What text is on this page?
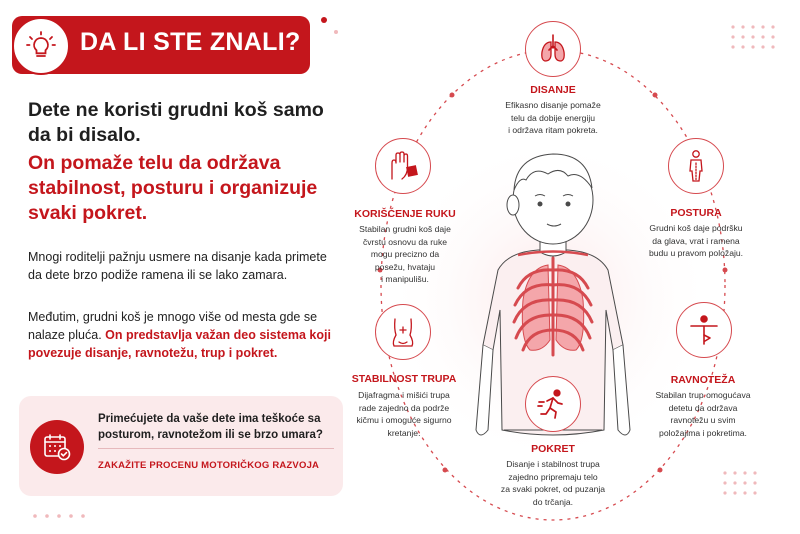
DA LI STE ZNALI?
Dete ne koristi grudni koš samo da bi disalo.
On pomaže telu da održava stabilnost, posturu i organizuje svaki pokret.
Mnogi roditelji pažnju usmere na disanje kada primete da dete brzo podiže ramena ili se lako zamara.
Međutim, grudni koš je mnogo više od mesta gde se nalaze pluća. On predstavlja važan deo sistema koji povezuje disanje, ravnotežu, trup i pokret.
Primećujete da vaše dete ima teškoće sa posturom, ravnotežom ili se brzo umara?
ZAKAŽITE PROCENU MOTORIČKOG RAZVOJA
DISANJE
Efikasno disanje pomaže
telu da dobije energiju
i održava ritam pokreta.
POSTURA
Grudni koš daje podršku
da glava, vrat i ramena
budu u pravom položaju.
RAVNOTEŽA
Stabilan trup omogućava
detetu da održava
ravnotežu u svim
položajima i pokretima.
POKRET
Disanje i stabilnost trupa
zajedno pripremaju telo
za svaki pokret, od puzanja
do trčanja.
STABILNOST TRUPA
Dijafragma i mišići trupa
rade zajedno da podrže
kičmu i omoguće sigurno
kretanje.
KORIŠĆENJE RUKU
Stabilan grudni koš daje
čvrstu osnovu da ruke
mogu precizno da
posežu, hvataju
i manipulišu.
